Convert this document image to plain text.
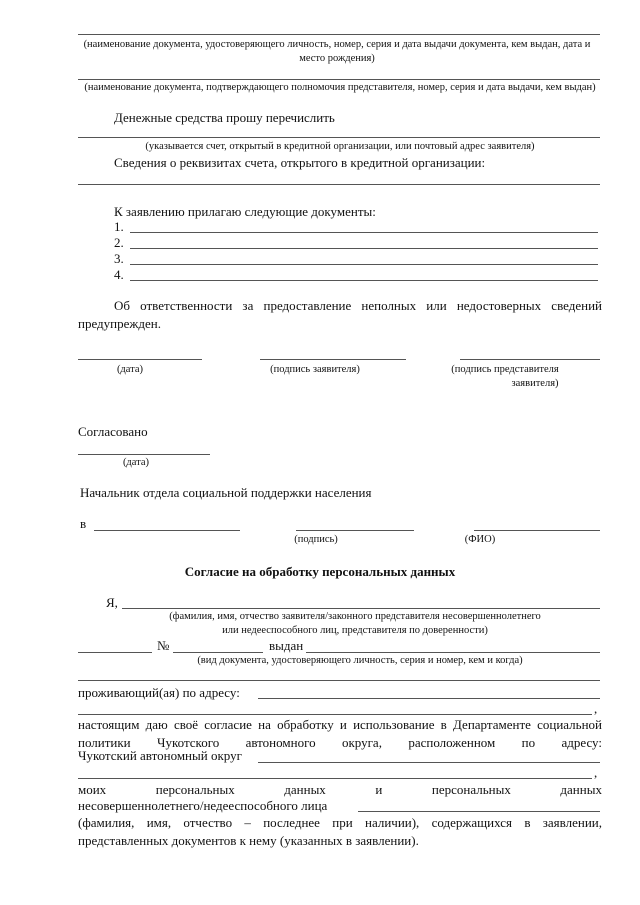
(наименование документа, удостоверяющего личность, номер, серия и дата выдачи документа, кем выдан, дата и место рождения)
(наименование документа, подтверждающего полномочия представителя, номер, серия и дата выдачи, кем выдан)
Денежные средства прошу перечислить
(указывается счет, открытый в кредитной организации, или почтовый адрес заявителя)
Сведения о реквизитах счета, открытого в кредитной организации:
К заявлению прилагаю следующие документы:
1.
2.
3.
4.
Об ответственности за предоставление неполных или недостоверных сведений предупрежден.
(дата)	(подпись заявителя)	(подпись представителя
заявителя)
Согласовано
(дата)
Начальник отдела социальной поддержки населения
в
(подпись)	(ФИО)
Согласие на обработку персональных данных
Я,
(фамилия, имя, отчество заявителя/законного представителя несовершеннолетнего
или недееспособного лиц, представителя по доверенности)
№	выдан
(вид документа, удостоверяющего личность, серия и номер, кем и когда)
проживающий(ая) по адресу:
,
настоящим даю своё согласие на обработку и использование в Департаменте социальной политики Чукотского автономного округа, расположенном по адресу:
Чукотский автономный округ
,
моих	персональных	данных	и	персональных	данных
несовершеннолетнего/недееспособного лица
(фамилия, имя, отчество – последнее при наличии), содержащихся в заявлении, представленных документов к нему (указанных в заявлении).
